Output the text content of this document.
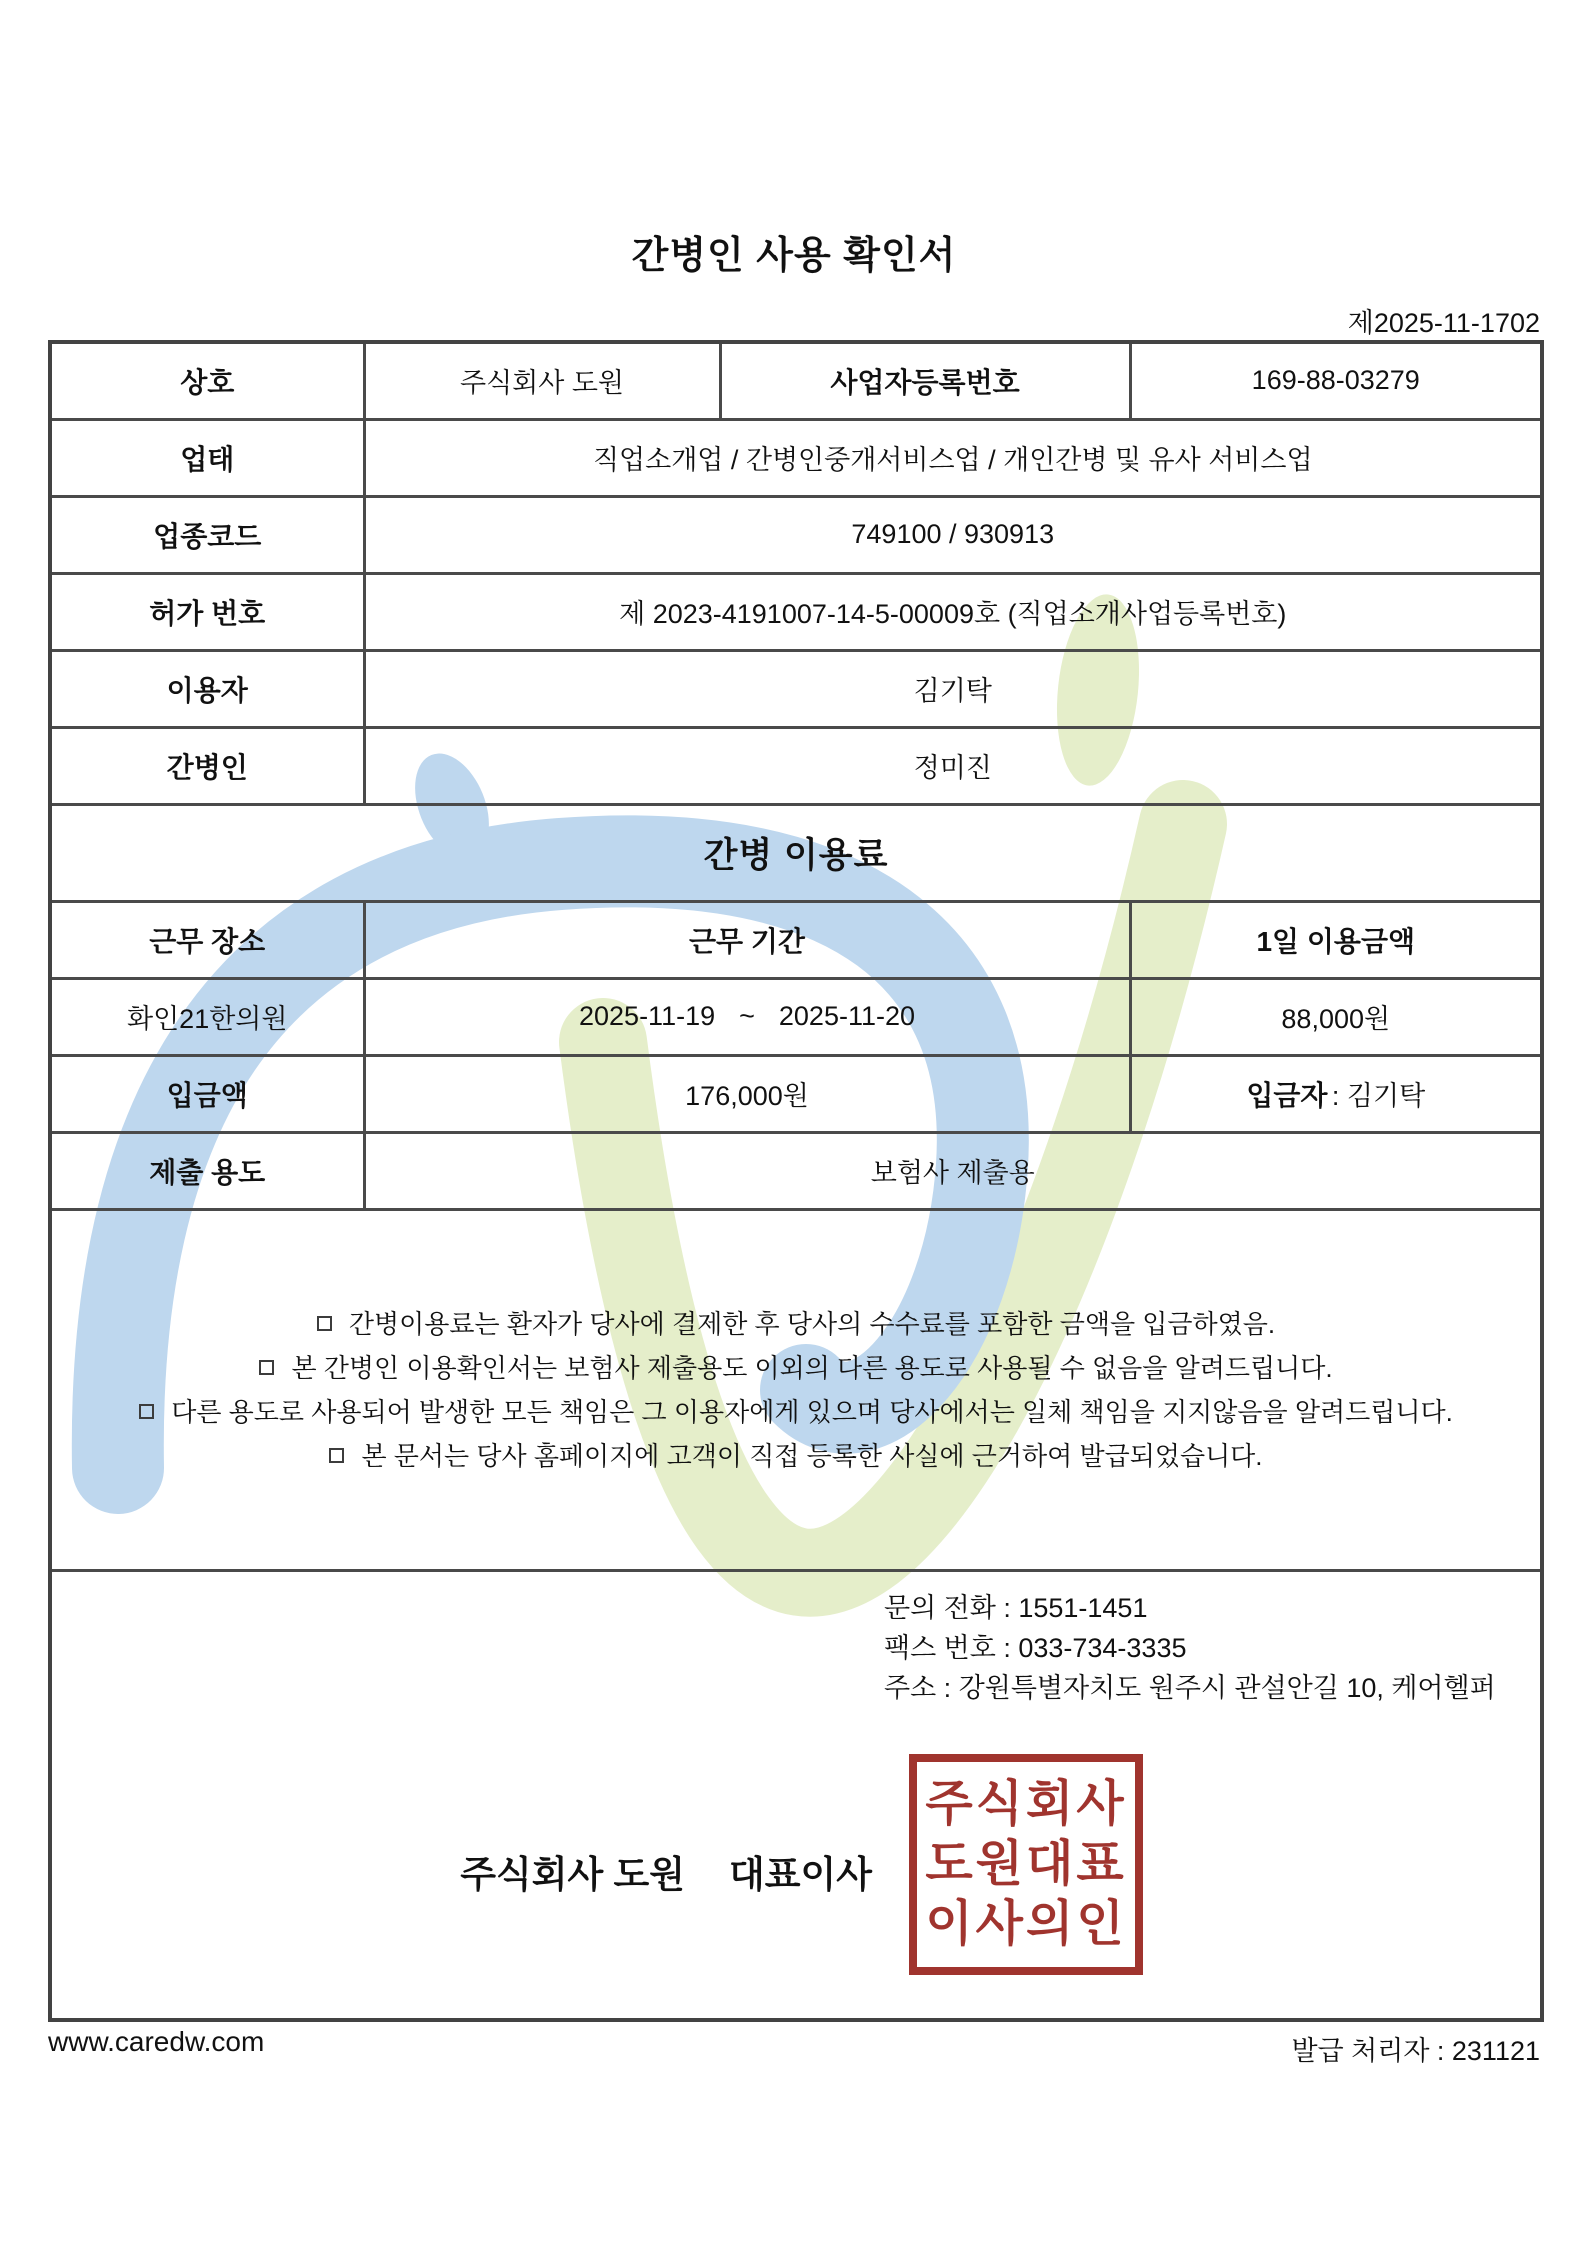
간병인 사용 확인서
제2025-11-1702
상호	주식회사 도원	사업자등록번호	169-88-03279
업태	직업소개업 / 간병인중개서비스업 / 개인간병 및 유사 서비스업		
업종코드	749100 / 930913		
허가 번호	제 2023-4191007-14-5-00009호 (직업소개사업등록번호)		
이용자	김기탁		
간병인	정미진		
간병 이용료			
근무 장소	근무 기간		1일 이용금액
화인21한의원	2025-11-19 ~ 2025-11-20		88,000원
입금액	176,000원		입금자 : 김기탁
제출 용도	보험사 제출용		

간병이용료는 환자가 당사에 결제한 후 당사의 수수료를 포함한 금액을 입금하였음.
본 간병인 이용확인서는 보험사 제출용도 이외의 다른 용도로 사용될 수 없음을 알려드립니다.
다른 용도로 사용되어 발생한 모든 책임은 그 이용자에게 있으며 당사에서는 일체 책임을 지지않음을 알려드립니다.
본 문서는 당사 홈페이지에 고객이 직접 등록한 사실에 근거하여 발급되었습니다.			

문의 전화 : 1551-1451
팩스 번호 : 033-734-3335
주소 : 강원특별자치도 원주시 관설안길 10, 케어헬퍼
주식회사 도원 대표이사
주식회사
도원대표
이사의인
www.caredw.com	발급 처리자 : 231121
